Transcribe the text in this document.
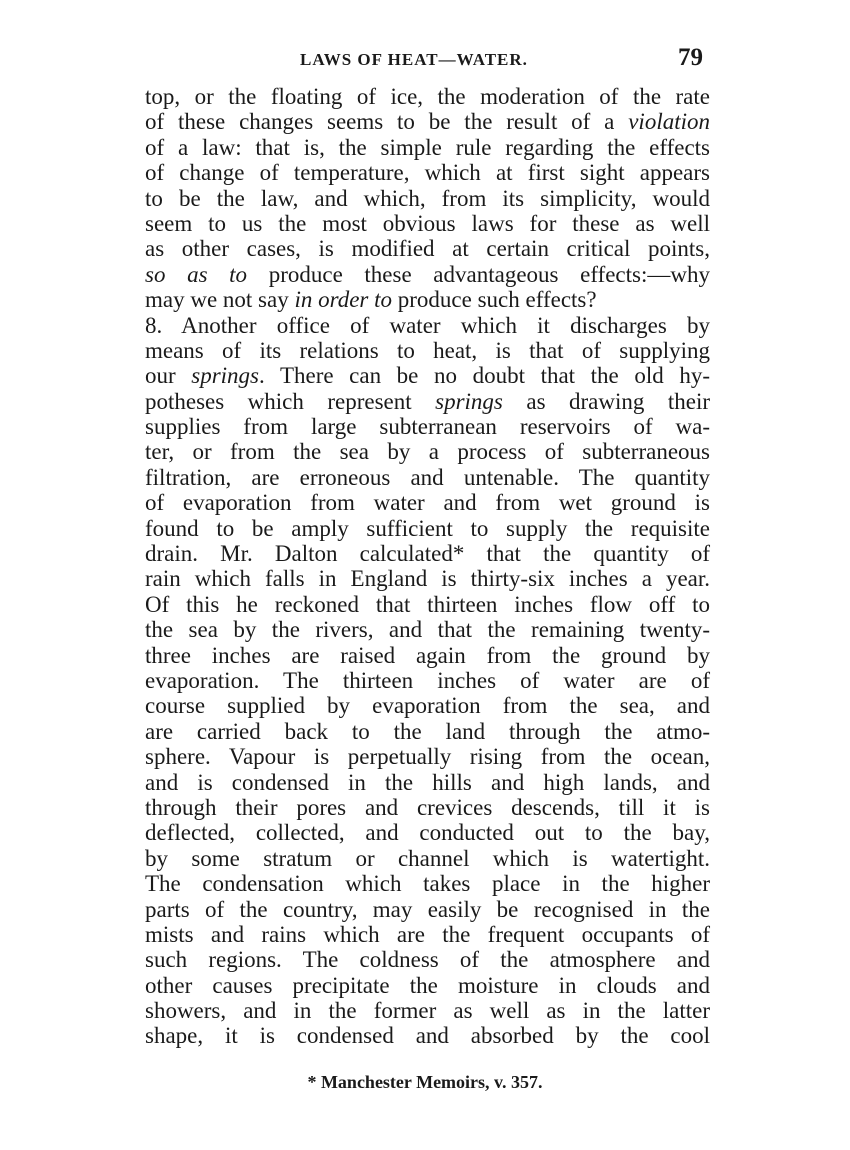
LAWS OF HEAT—WATER.	79
top, or the floating of ice, the moderation of the rate
of these changes seems to be the result of a violation
of a law: that is, the simple rule regarding the effects
of change of temperature, which at first sight appears
to be the law, and which, from its simplicity, would
seem to us the most obvious laws for these as well
as other cases, is modified at certain critical points,
so as to produce these advantageous effects:—why
may we not say in order to produce such effects?
8. Another office of water which it discharges by
means of its relations to heat, is that of supplying
our springs. There can be no doubt that the old hy-
potheses which represent springs as drawing their
supplies from large subterranean reservoirs of wa-
ter, or from the sea by a process of subterraneous
filtration, are erroneous and untenable. The quantity
of evaporation from water and from wet ground is
found to be amply sufficient to supply the requisite
drain. Mr. Dalton calculated* that the quantity of
rain which falls in England is thirty-six inches a year.
Of this he reckoned that thirteen inches flow off to
the sea by the rivers, and that the remaining twenty-
three inches are raised again from the ground by
evaporation. The thirteen inches of water are of
course supplied by evaporation from the sea, and
are carried back to the land through the atmo-
sphere. Vapour is perpetually rising from the ocean,
and is condensed in the hills and high lands, and
through their pores and crevices descends, till it is
deflected, collected, and conducted out to the bay,
by some stratum or channel which is watertight.
The condensation which takes place in the higher
parts of the country, may easily be recognised in the
mists and rains which are the frequent occupants of
such regions. The coldness of the atmosphere and
other causes precipitate the moisture in clouds and
showers, and in the former as well as in the latter
shape, it is condensed and absorbed by the cool
* Manchester Memoirs, v. 357.
